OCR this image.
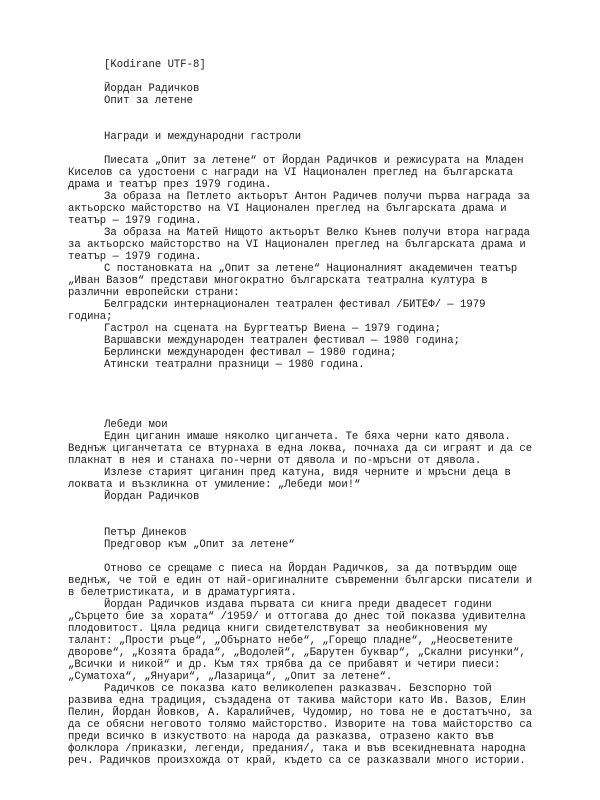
[Kodirane UTF-8]
Йордан Радичков
Опит за летене
Награди и международни гастроли
Пиесата „Опит за летене“ от Йордан Радичков и режисурата на Младен
Киселов са удостоени с награди на VI Национален преглед на българската
драма и театър през 1979 година.
За образа на Петлето актьорът Антон Радичев получи първа награда за
актьорско майсторство на VI Национален преглед на българската драма и
театър — 1979 година.
За образа на Матей Нищото актьорът Велко Кънев получи втора награда
за актьорско майсторство на VI Национален преглед на българската драма и
театър — 1979 година.
С постановката на „Опит за летене“ Националният академичен театър
„Иван Вазов“ представи многократно българската театрална култура в
различни европейски страни:
Белградски интернационален театрален фестивал /БИТЕФ/ — 1979
година;
Гастрол на сцената на Бургтеатър Виена — 1979 година;
Варшавски международен театрален фестивал — 1980 година;
Берлински международен фестивал — 1980 година;
Атински театрални празници — 1980 година.
Лебеди мои
Един циганин имаше няколко циганчета. Те бяха черни като дявола.
Веднъж циганчетата се втурнаха в една локва, почнаха да си играят и да се
плакнат в нея и станаха по-черни от дявола и по-мръсни от дявола.
Излезе старият циганин пред катуна, видя черните и мръсни деца в
локвата и възкликна от умиление: „Лебеди мои!“
Йордан Радичков
Петър Динеков
Предговор към „Опит за летене“
Отново се срещаме с пиеса на Йордан Радичков, за да потвърдим още
веднъж, че той е един от най-оригиналните съвременни български писатели и
в белетристиката, и в драматургията.
Йордан Радичков издава първата си книга преди двадесет години
„Сърцето бие за хората“ /1959/ и оттогава до днес той показва удивителна
плодовитост. Цяла редица книги свидетелствуват за необикновения му
талант: „Прости ръце“, „Обърнато небе“, „Горещо пладне“, „Неосветените
дворове“, „Козята брада“, „Водолей“, „Барутен буквар“, „Скални рисунки“,
„Всички и никой“ и др. Към тях трябва да се прибавят и четири пиеси:
„Суматоха“, „Януари“, „Лазарица“, „Опит за летене“.
Радичков се показва като великолепен разказвач. Безспорно той
развива една традиция, създадена от такива майстори като Ив. Вазов, Елин
Пелин, Йордан Йовков, А. Каралийчев, Чудомир, но това не е достатъчно, за
да се обясни неговото толямо майсторство. Изворите на това майсторство са
преди всичко в изкуството на народа да разказва, отразено както във
фолклора /приказки, легенди, предания/, така и във всекидневната народна
реч. Радичков произхожда от край, където са се разказвали много истории.
